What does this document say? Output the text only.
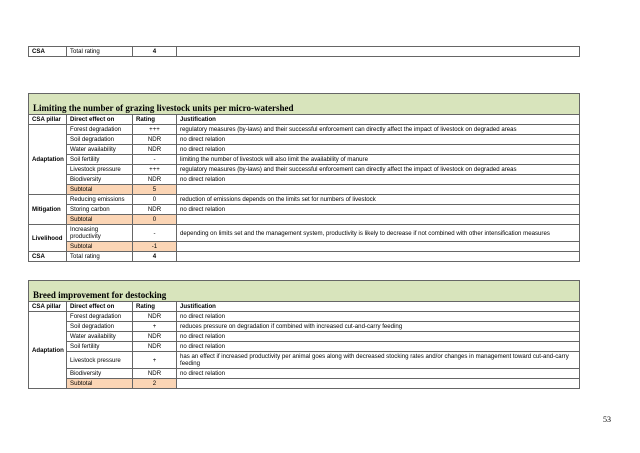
CSA	Total rating	4	
Limiting the number of grazing livestock units per micro-watershed			
CSA pillar	Direct effect on	Rating	Justification
Adaptation	Forest degradation	+++	regulatory measures (by-laws) and their successful enforcement can directly affect the impact of livestock on degraded areas
	Soil degradation	NDR	no direct relation
	Water availability	NDR	no direct relation
	Soil fertility	-	limiting the number of livestock will also limit the availability of manure
	Livestock pressure	+++	regulatory measures (by-laws) and their successful enforcement can directly affect the impact of livestock on degraded areas
	Biodiversity	NDR	no direct relation
	Subtotal	5	
Mitigation	Reducing emissions	0	reduction of emissions depends on the limits set for numbers of livestock
	Storing carbon	NDR	no direct relation
	Subtotal	0	
Livelihood	Increasing productivity	-	depending on limits set and the management system, productivity is likely to decrease if not combined with other intensification measures
	Subtotal	-1	
CSA	Total rating	4	
Breed improvement for destocking			
CSA pillar	Direct effect on	Rating	Justification
Adaptation	Forest degradation	NDR	no direct relation
	Soil degradation	+	reduces pressure on degradation if combined with increased cut-and-carry feeding
	Water availability	NDR	no direct relation
	Soil fertility	NDR	no direct relation
	Livestock pressure	+	has an effect if increased productivity per animal goes along with decreased stocking rates and/or changes in management toward cut-and-carry feeding
	Biodiversity	NDR	no direct relation
	Subtotal	2	
53
